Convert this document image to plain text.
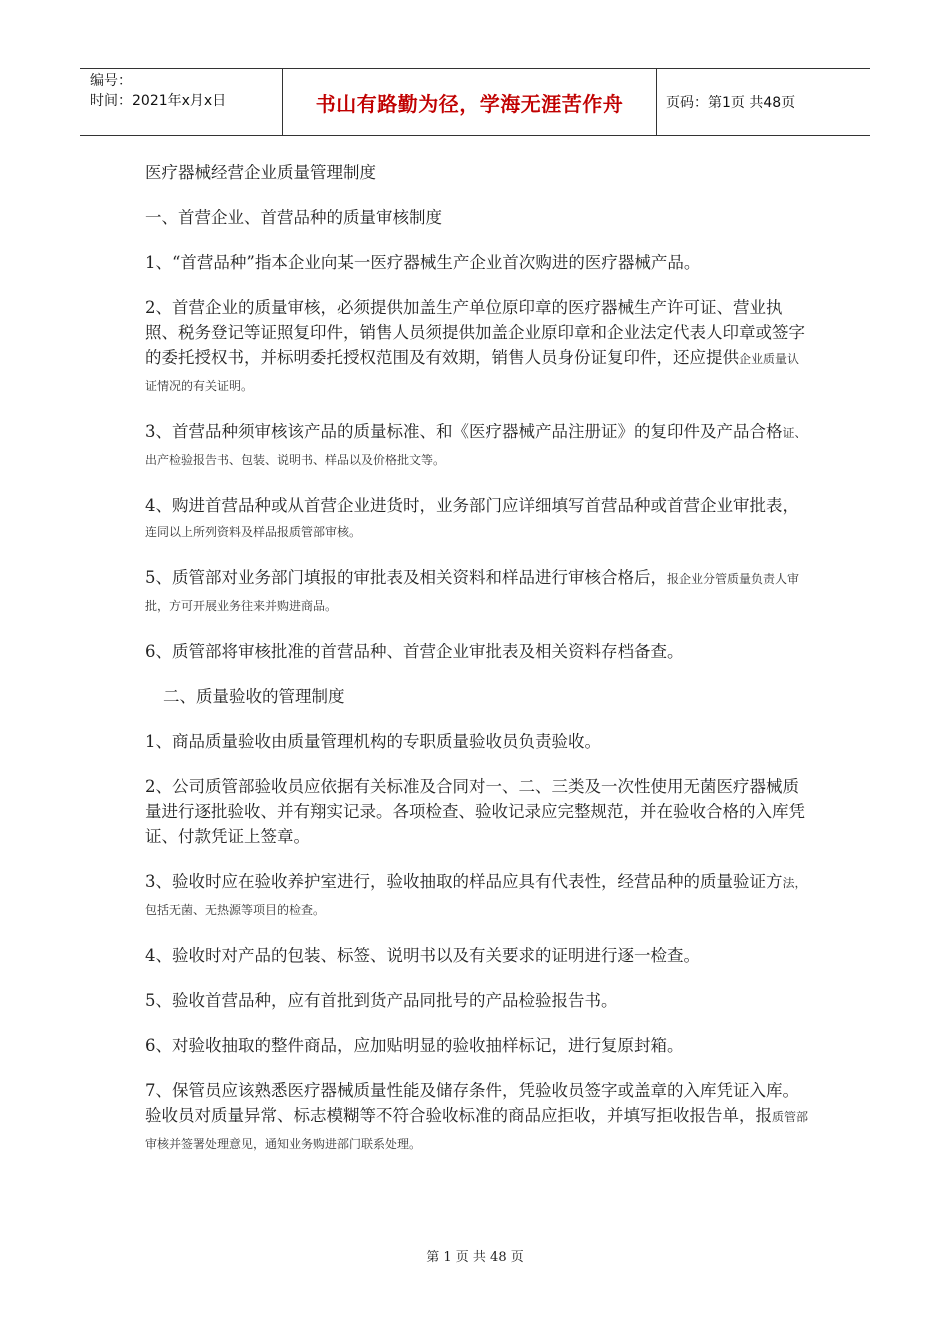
编号：
时间：2021年x月x日	书山有路勤为径，学海无涯苦作舟	页码：第1页 共48页
医疗器械经营企业质量管理制度
一、首营企业、首营品种的质量审核制度
1、“首营品种”指本企业向某一医疗器械生产企业首次购进的医疗器械产品。
2、首营企业的质量审核，必须提供加盖生产单位原印章的医疗器械生产许可证、营业执照、税务登记等证照复印件，销售人员须提供加盖企业原印章和企业法定代表人印章或签字的委托授权书，并标明委托授权范围及有效期，销售人员身份证复印件，还应提供企业质量认证情况的有关证明。
3、首营品种须审核该产品的质量标准、和《医疗器械产品注册证》的复印件及产品合格证、出产检验报告书、包装、说明书、样品以及价格批文等。
4、购进首营品种或从首营企业进货时，业务部门应详细填写首营品种或首营企业审批表，连同以上所列资料及样品报质管部审核。
5、质管部对业务部门填报的审批表及相关资料和样品进行审核合格后，报企业分管质量负责人审批，方可开展业务往来并购进商品。
6、质管部将审核批准的首营品种、首营企业审批表及相关资料存档备查。
二、质量验收的管理制度
1、商品质量验收由质量管理机构的专职质量验收员负责验收。
2、公司质管部验收员应依据有关标准及合同对一、二、三类及一次性使用无菌医疗器械质量进行逐批验收、并有翔实记录。各项检查、验收记录应完整规范，并在验收合格的入库凭证、付款凭证上签章。
3、验收时应在验收养护室进行，验收抽取的样品应具有代表性，经营品种的质量验证方法，包括无菌、无热源等项目的检查。
4、验收时对产品的包装、标签、说明书以及有关要求的证明进行逐一检查。
5、验收首营品种，应有首批到货产品同批号的产品检验报告书。
6、对验收抽取的整件商品，应加贴明显的验收抽样标记，进行复原封箱。
7、保管员应该熟悉医疗器械质量性能及储存条件，凭验收员签字或盖章的入库凭证入库。验收员对质量异常、标志模糊等不符合验收标准的商品应拒收，并填写拒收报告单，报质管部审核并签署处理意见，通知业务购进部门联系处理。
第 1 页 共 48 页
